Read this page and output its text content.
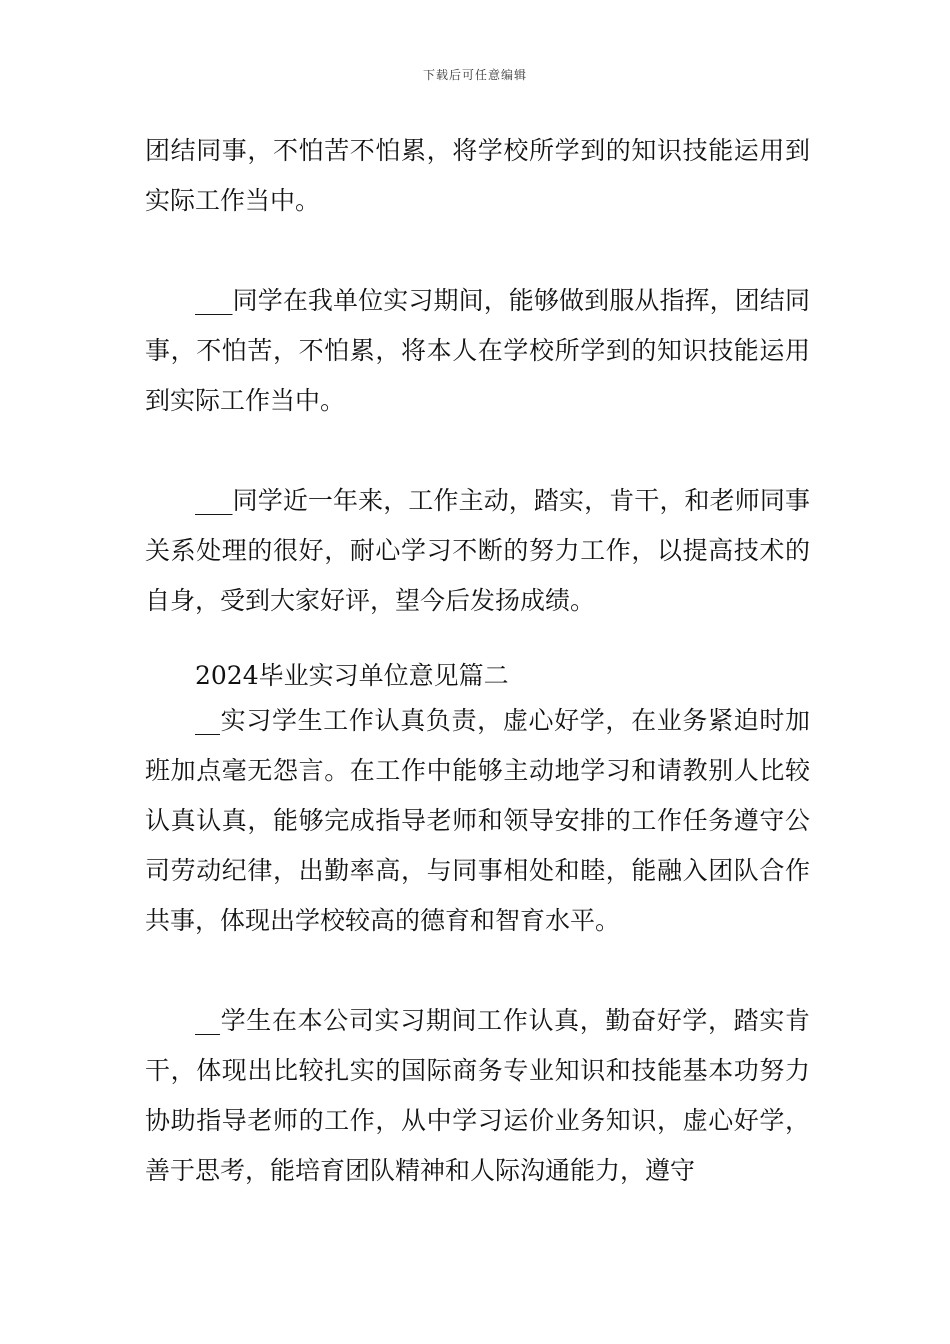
下载后可任意编辑

团结同事，不怕苦不怕累，将学校所学到的知识技能运用到实际工作当中。

___同学在我单位实习期间，能够做到服从指挥，团结同事，不怕苦，不怕累，将本人在学校所学到的知识技能运用到实际工作当中。

___同学近一年来，工作主动，踏实，肯干，和老师同事关系处理的很好，耐心学习不断的努力工作，以提高技术的自身，受到大家好评，望今后发扬成绩。

2024毕业实习单位意见篇二

__实习学生工作认真负责，虚心好学，在业务紧迫时加班加点毫无怨言。在工作中能够主动地学习和请教别人比较认真认真，能够完成指导老师和领导安排的工作任务遵守公司劳动纪律，出勤率高，与同事相处和睦，能融入团队合作共事，体现出学校较高的德育和智育水平。

__学生在本公司实习期间工作认真，勤奋好学，踏实肯干，体现出比较扎实的国际商务专业知识和技能基本功努力协助指导老师的工作，从中学习运价业务知识，虚心好学，善于思考，能培育团队精神和人际沟通能力，遵守
